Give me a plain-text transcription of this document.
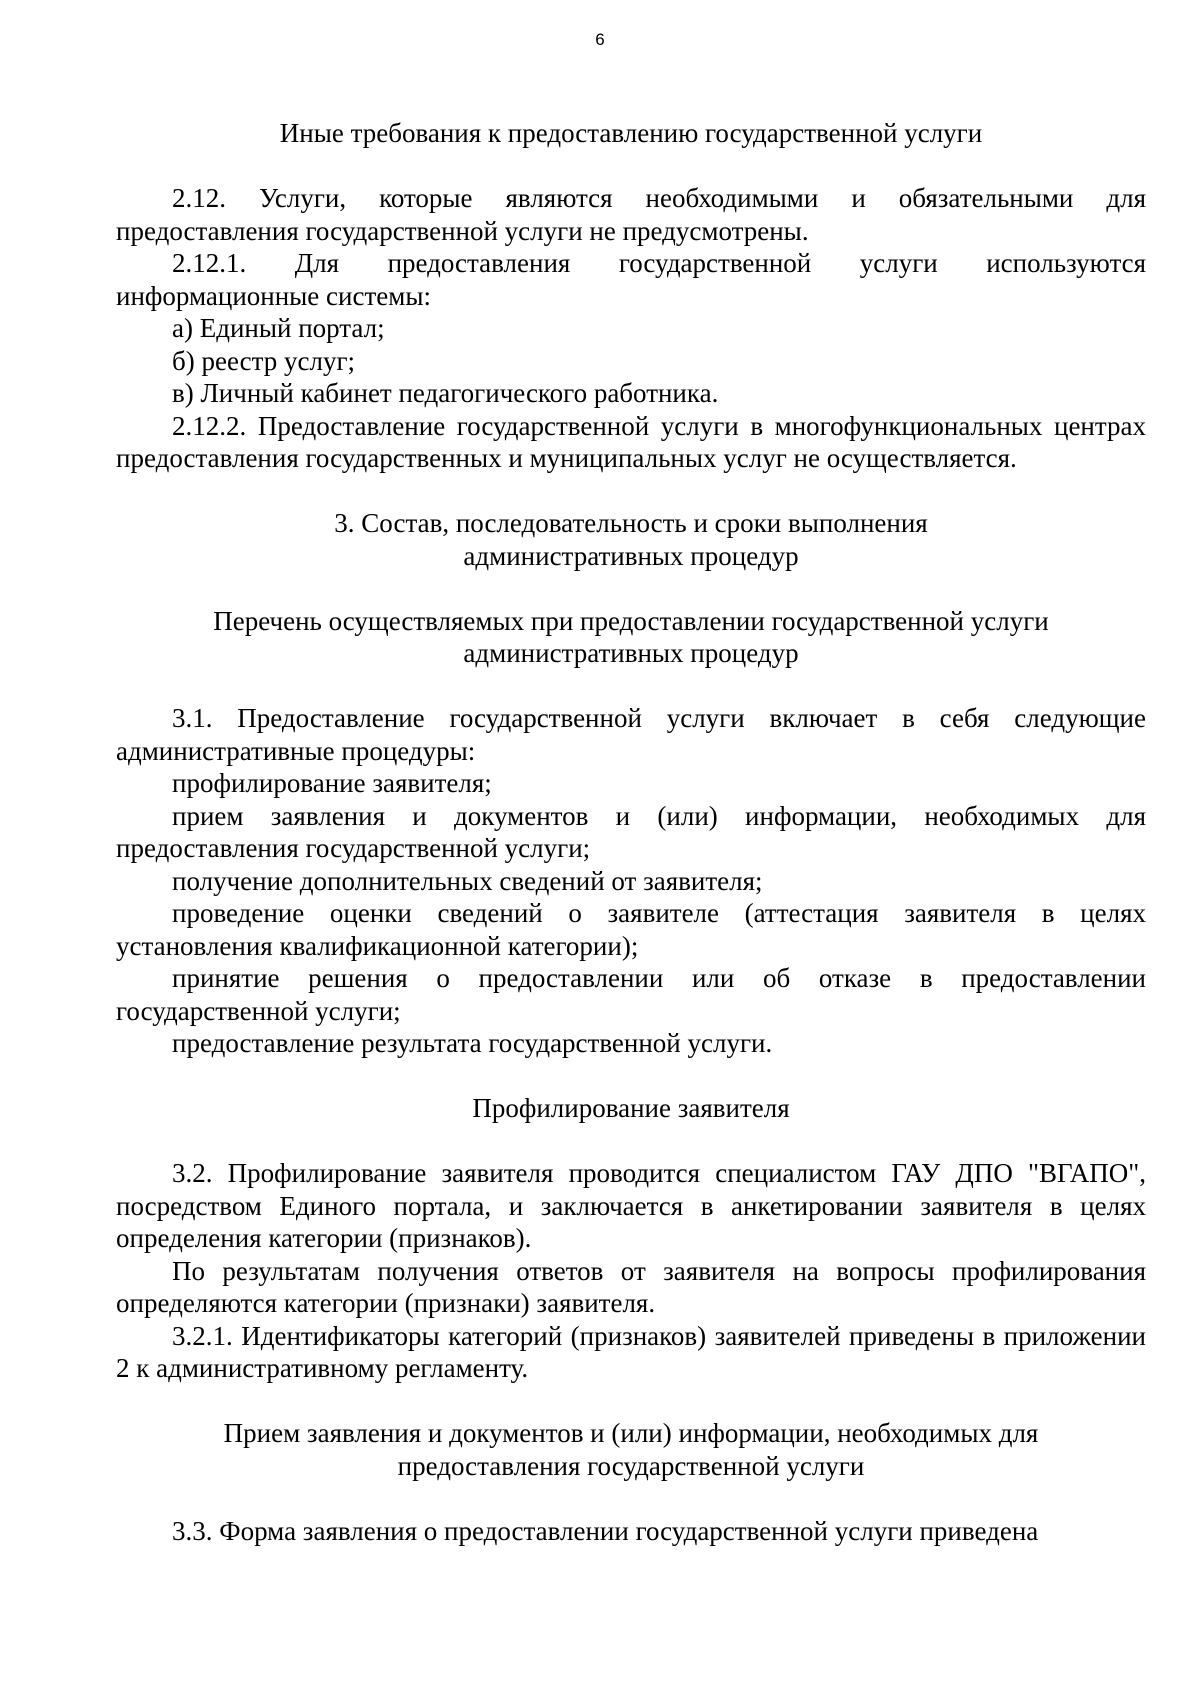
6

Иные требования к предоставлению государственной услуги

2.12. Услуги, которые являются необходимыми и обязательными для предоставления государственной услуги не предусмотрены.

2.12.1. Для предоставления государственной услуги используются информационные системы:

а) Единый портал;

б) реестр услуг;

в) Личный кабинет педагогического работника.

2.12.2. Предоставление государственной услуги в многофункциональных центрах предоставления государственных и муниципальных услуг не осуществляется.

3. Состав, последовательность и сроки выполнения
административных процедур

Перечень осуществляемых при предоставлении государственной услуги
административных процедур

3.1. Предоставление государственной услуги включает в себя следующие административные процедуры:

профилирование заявителя;

прием заявления и документов и (или) информации, необходимых для предоставления государственной услуги;

получение дополнительных сведений от заявителя;

проведение оценки сведений о заявителе (аттестация заявителя в целях установления квалификационной категории);

принятие решения о предоставлении или об отказе в предоставлении государственной услуги;

предоставление результата государственной услуги.

Профилирование заявителя

3.2. Профилирование заявителя проводится специалистом ГАУ ДПО "ВГАПО", посредством Единого портала, и заключается в анкетировании заявителя в целях определения категории (признаков).

По результатам получения ответов от заявителя на вопросы профилирования определяются категории (признаки) заявителя.

3.2.1. Идентификаторы категорий (признаков) заявителей приведены в приложении 2 к административному регламенту.

Прием заявления и документов и (или) информации, необходимых для
предоставления государственной услуги

3.3. Форма заявления о предоставлении государственной услуги приведена
